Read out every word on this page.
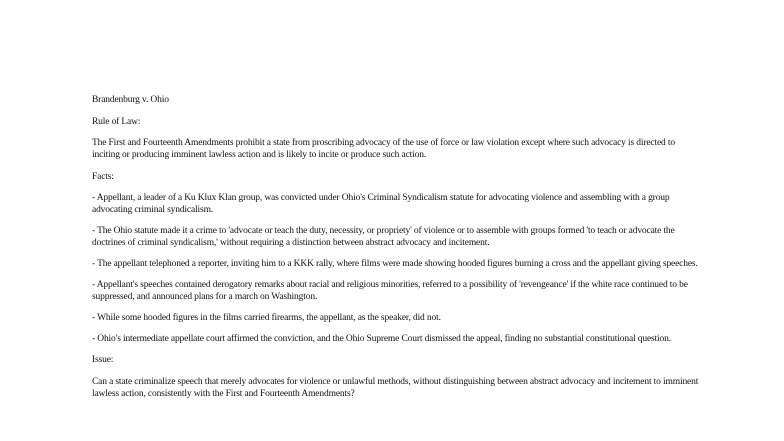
Brandenburg v. Ohio

Rule of Law:

The First and Fourteenth Amendments prohibit a state from proscribing advocacy of the use of force or law violation except where such advocacy is directed to inciting or producing imminent lawless action and is likely to incite or produce such action.

Facts:

- Appellant, a leader of a Ku Klux Klan group, was convicted under Ohio's Criminal Syndicalism statute for advocating violence and assembling with a group advocating criminal syndicalism.

- The Ohio statute made it a crime to 'advocate or teach the duty, necessity, or propriety' of violence or to assemble with groups formed 'to teach or advocate the doctrines of criminal syndicalism,' without requiring a distinction between abstract advocacy and incitement.

- The appellant telephoned a reporter, inviting him to a KKK rally, where films were made showing hooded figures burning a cross and the appellant giving speeches.

- Appellant's speeches contained derogatory remarks about racial and religious minorities, referred to a possibility of 'revengeance' if the white race continued to be suppressed, and announced plans for a march on Washington.

- While some hooded figures in the films carried firearms, the appellant, as the speaker, did not.

- Ohio's intermediate appellate court affirmed the conviction, and the Ohio Supreme Court dismissed the appeal, finding no substantial constitutional question.

Issue:

Can a state criminalize speech that merely advocates for violence or unlawful methods, without distinguishing between abstract advocacy and incitement to imminent lawless action, consistently with the First and Fourteenth Amendments?
